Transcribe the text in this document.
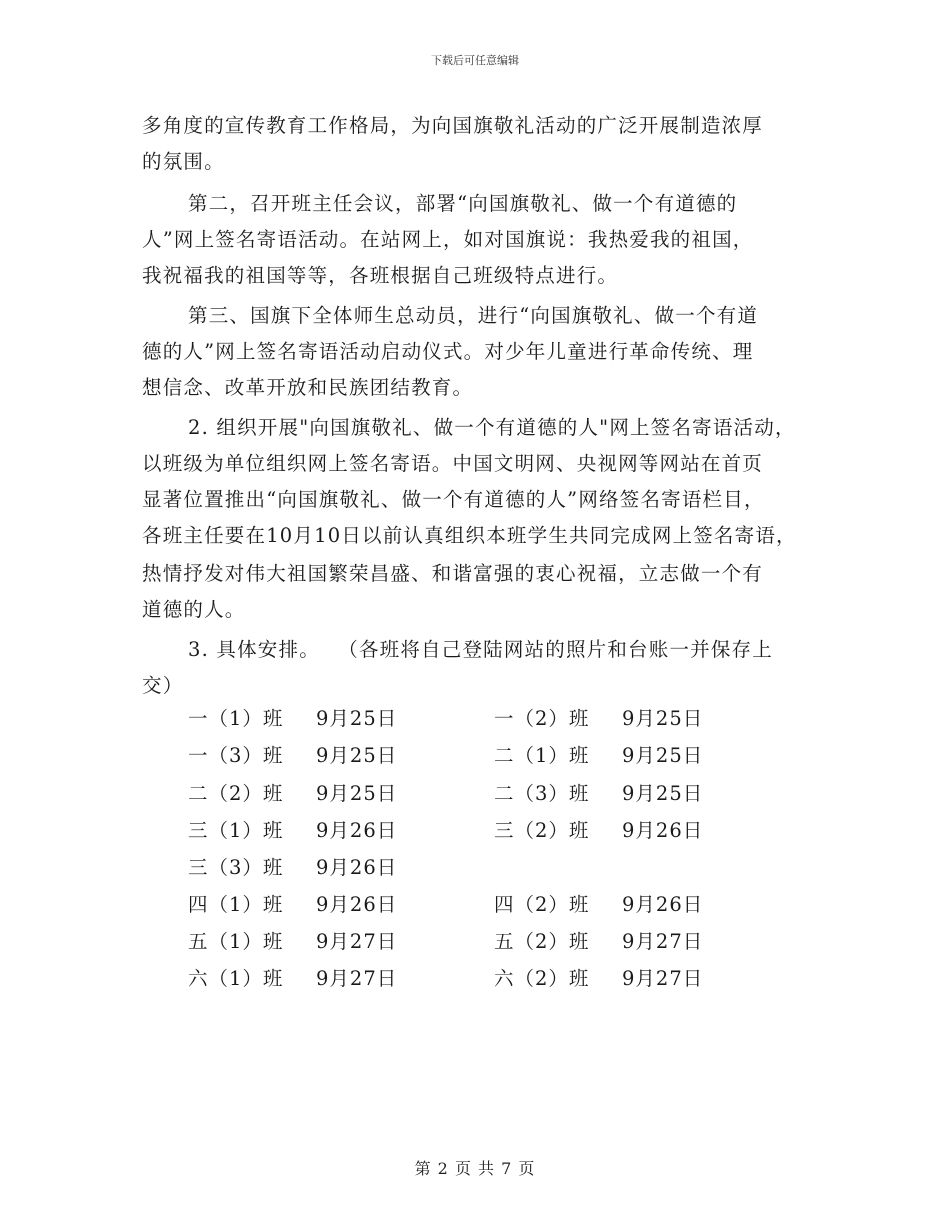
下载后可任意编辑
多角度的宣传教育工作格局，为向国旗敬礼活动的广泛开展制造浓厚
的氛围。
第二，召开班主任会议，部署“向国旗敬礼、做一个有道德的
人”网上签名寄语活动。在站网上，如对国旗说：我热爱我的祖国，
我祝福我的祖国等等，各班根据自己班级特点进行。
第三、国旗下全体师生总动员，进行“向国旗敬礼、做一个有道
德的人”网上签名寄语活动启动仪式。对少年儿童进行革命传统、理
想信念、改革开放和民族团结教育。
2. 组织开展"向国旗敬礼、做一个有道德的人"网上签名寄语活动，
以班级为单位组织网上签名寄语。中国文明网、央视网等网站在首页
显著位置推出“向国旗敬礼、做一个有道德的人”网络签名寄语栏目，
各班主任要在10月10日以前认真组织本班学生共同完成网上签名寄语，
热情抒发对伟大祖国繁荣昌盛、和谐富强的衷心祝福，立志做一个有
道德的人。
3. 具体安排。　 （各班将自己登陆网站的照片和台账一并保存上
交）
一（1）班 9月25日	一（2）班 9月25日
一（3）班 9月25日	二（1）班 9月25日
二（2）班 9月25日	二（3）班 9月25日
三（1）班 9月26日	三（2）班 9月26日
三（3）班 9月26日
四（1）班 9月26日	四（2）班 9月26日
五（1）班 9月27日	五（2）班 9月27日
六（1）班 9月27日	六（2）班 9月27日
第 2 页 共 7 页
